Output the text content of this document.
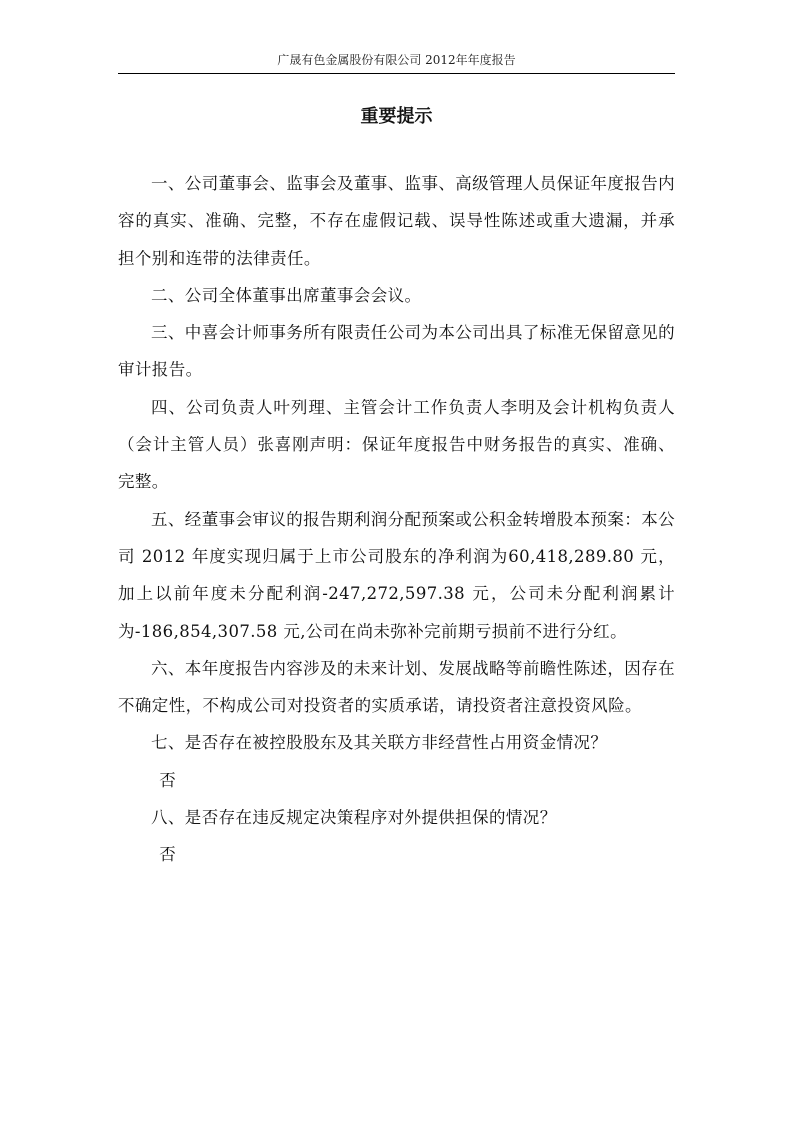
广晟有色金属股份有限公司 2012年年度报告
重要提示

一、公司董事会、监事会及董事、监事、高级管理人员保证年度报告内容的真实、准确、完整，不存在虚假记载、误导性陈述或重大遗漏，并承担个别和连带的法律责任。

二、公司全体董事出席董事会会议。

三、中喜会计师事务所有限责任公司为本公司出具了标准无保留意见的审计报告。

四、公司负责人叶列理、主管会计工作负责人李明及会计机构负责人（会计主管人员）张喜刚声明：保证年度报告中财务报告的真实、准确、完整。

五、经董事会审议的报告期利润分配预案或公积金转增股本预案：本公司 2012 年度实现归属于上市公司股东的净利润为60,418,289.80 元，加上以前年度未分配利润-247,272,597.38 元，公司未分配利润累计为-186,854,307.58 元,公司在尚未弥补完前期亏损前不进行分红。

六、本年度报告内容涉及的未来计划、发展战略等前瞻性陈述，因存在不确定性，不构成公司对投资者的实质承诺，请投资者注意投资风险。

七、是否存在被控股股东及其关联方非经营性占用资金情况？

否

八、是否存在违反规定决策程序对外提供担保的情况？

否
